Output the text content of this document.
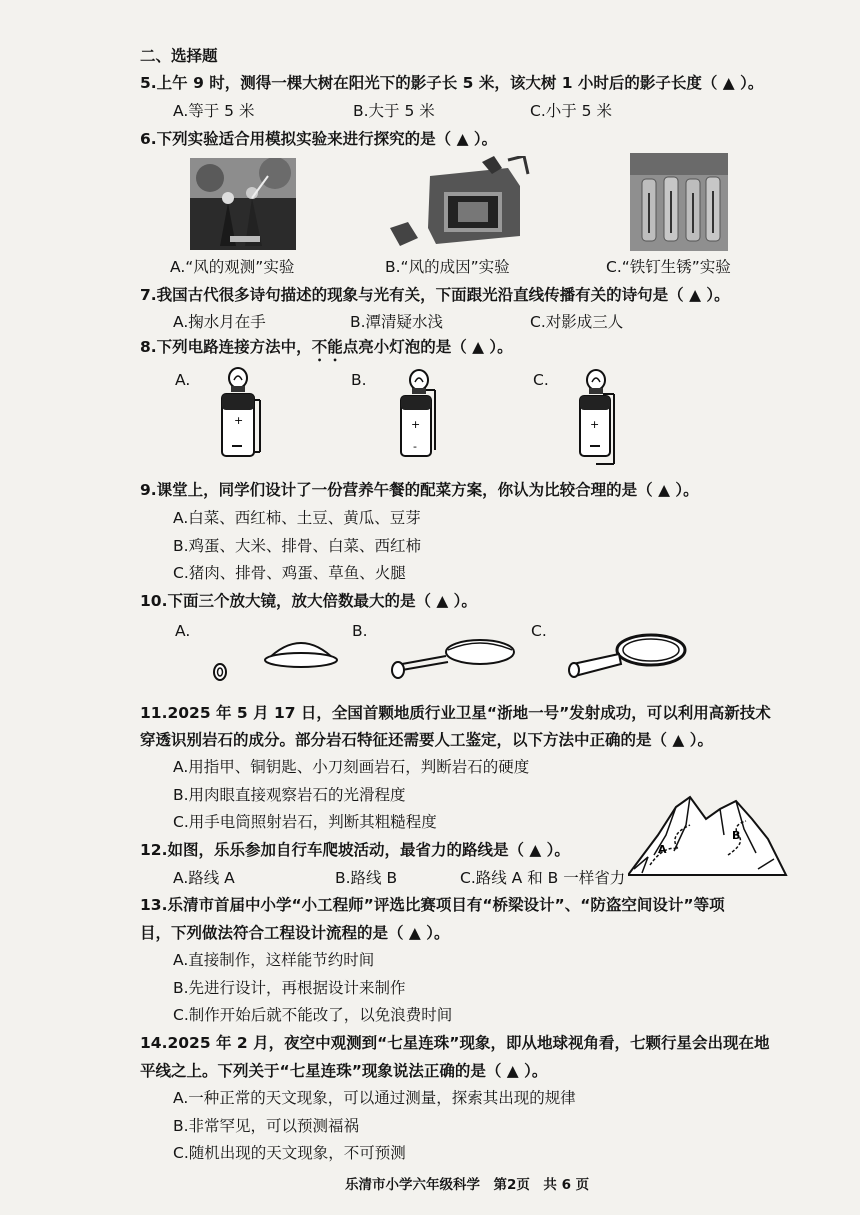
二、选择题
5.上午 9 时，测得一棵大树在阳光下的影子长 5 米，该大树 1 小时后的影子长度（ ▲ ）。
A.等于 5 米	B.大于 5 米	C.小于 5 米
6.下列实验适合用模拟实验来进行探究的是（ ▲ ）。
A.“风的观测”实验	B.“风的成因”实验	C.“铁钉生锈”实验
7.我国古代很多诗句描述的现象与光有关，下面跟光沿直线传播有关的诗句是（ ▲ ）。
A.掬水月在手	B.潭清疑水浅	C.对影成三人
8.下列电路连接方法中，不能点亮小灯泡的是（ ▲ ）。
A.	B.	C.
+	+
-
+
9.课堂上，同学们设计了一份营养午餐的配菜方案，你认为比较合理的是（ ▲ ）。
A.白菜、西红柿、土豆、黄瓜、豆芽
B.鸡蛋、大米、排骨、白菜、西红柿
C.猪肉、排骨、鸡蛋、草鱼、火腿
10.下面三个放大镜，放大倍数最大的是（ ▲ ）。
A.	B.	C.
11.2025 年 5 月 17 日，全国首颗地质行业卫星“浙地一号”发射成功，可以利用高新技术
穿透识别岩石的成分。部分岩石特征还需要人工鉴定，以下方法中正确的是（ ▲ ）。
A.用指甲、铜钥匙、小刀刻画岩石，判断岩石的硬度
B.用肉眼直接观察岩石的光滑程度
C.用手电筒照射岩石，判断其粗糙程度
12.如图，乐乐参加自行车爬坡活动，最省力的路线是（ ▲ ）。
A.路线 A	B.路线 B	C.路线 A 和 B 一样省力
A
B
13.乐清市首届中小学“小工程师”评选比赛项目有“桥梁设计”、“防盗空间设计”等项
目，下列做法符合工程设计流程的是（ ▲ ）。
A.直接制作，这样能节约时间
B.先进行设计，再根据设计来制作
C.制作开始后就不能改了，以免浪费时间
14.2025 年 2 月，夜空中观测到“七星连珠”现象，即从地球视角看，七颗行星会出现在地
平线之上。下列关于“七星连珠”现象说法正确的是（ ▲ ）。
A.一种正常的天文现象，可以通过测量，探索其出现的规律
B.非常罕见，可以预测福祸
C.随机出现的天文现象，不可预测
乐清市小学六年级科学　第2页　共 6 页
